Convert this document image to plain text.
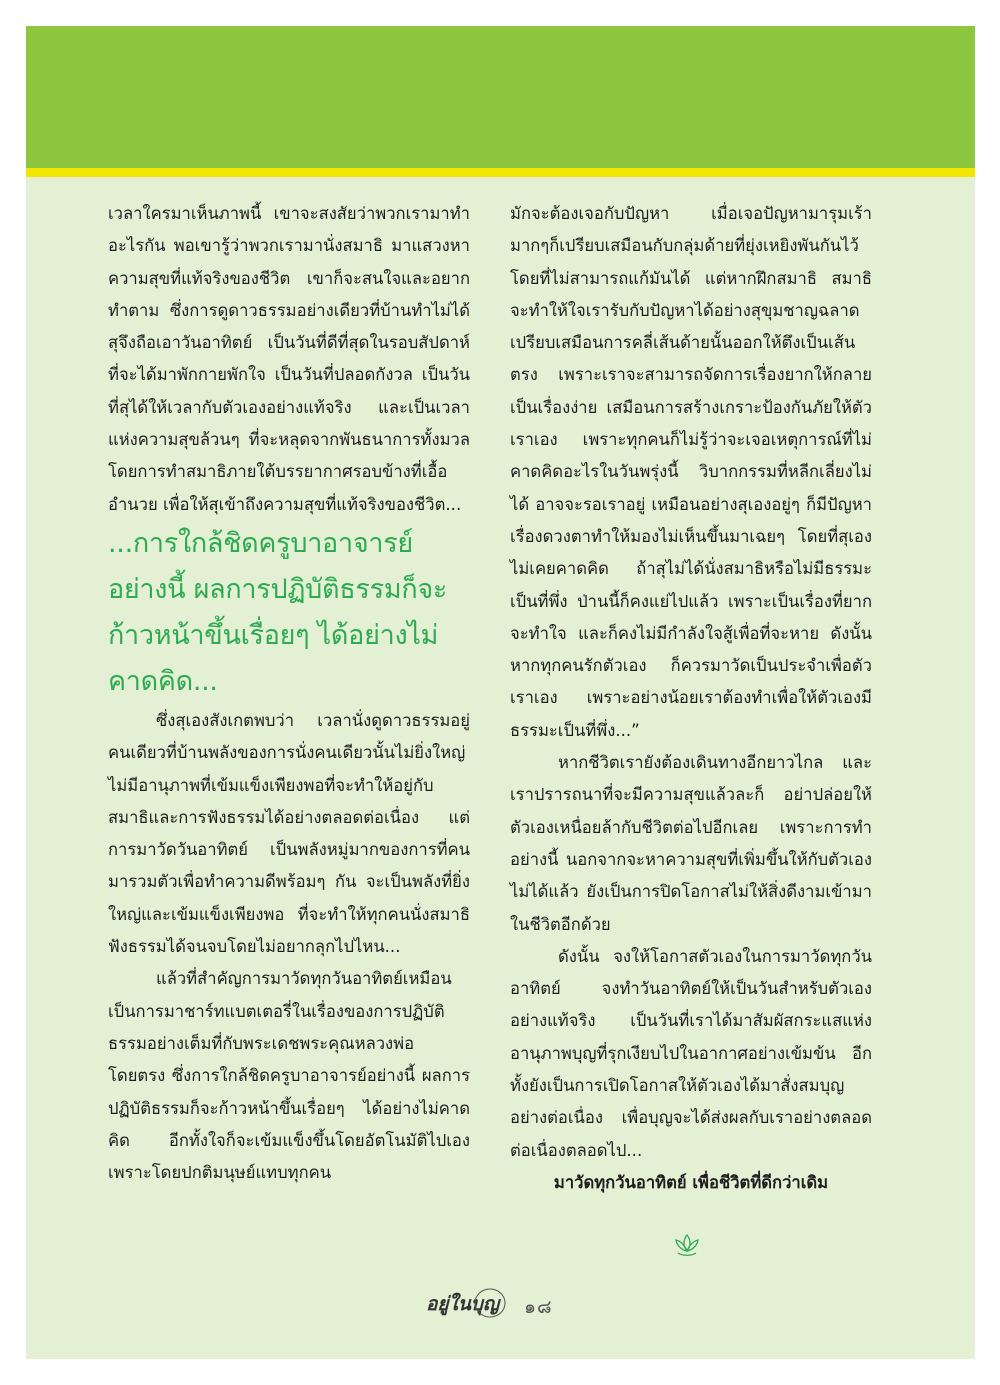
เวลาใครมาเห็นภาพนี้ เขาจะสงสัยว่าพวกเรามาทำอะไรกัน พอเขารู้ว่าพวกเรามานั่งสมาธิ มาแสวงหาความสุขที่แท้จริงของชีวิต เขาก็จะสนใจและอยากทำตาม ซึ่งการดูดาวธรรมอย่างเดียวที่บ้านทำไม่ได้ สุจึงถือเอาวันอาทิตย์ เป็นวันที่ดีที่สุดในรอบสัปดาห์ ที่จะได้มาพักกายพักใจ เป็นวันที่ปลอดกังวล เป็นวันที่สุได้ให้เวลากับตัวเองอย่างแท้จริง และเป็นเวลาแห่งความสุขล้วนๆ ที่จะหลุดจากพันธนาการทั้งมวล โดยการทำสมาธิภายใต้บรรยากาศรอบข้างที่เอื้ออำนวย เพื่อให้สุเข้าถึงความสุขที่แท้จริงของชีวิต...

...การใกล้ชิดครูบาอาจารย์อย่างนี้ ผลการปฏิบัติธรรมก็จะก้าวหน้าขึ้นเรื่อยๆ ได้อย่างไม่คาดคิด...

ซึ่งสุเองสังเกตพบว่า เวลานั่งดูดาวธรรมอยู่คนเดียวที่บ้านพลังของการนั่งคนเดียวนั้นไม่ยิ่งใหญ่ ไม่มีอานุภาพที่เข้มแข็งเพียงพอที่จะทำให้อยู่กับสมาธิและการฟังธรรมได้อย่างตลอดต่อเนื่อง แต่การมาวัดวันอาทิตย์ เป็นพลังหมู่มากของการที่คนมารวมตัวเพื่อทำความดีพร้อมๆ กัน จะเป็นพลังที่ยิ่งใหญ่และเข้มแข็งเพียงพอ ที่จะทำให้ทุกคนนั่งสมาธิ ฟังธรรมได้จนจบโดยไม่อยากลุกไปไหน...

แล้วที่สำคัญการมาวัดทุกวันอาทิตย์เหมือนเป็นการมาชาร์ทแบตเตอรี่ในเรื่องของการปฏิบัติธรรมอย่างเต็มที่กับพระเดชพระคุณหลวงพ่อโดยตรง ซึ่งการใกล้ชิดครูบาอาจารย์อย่างนี้ ผลการปฏิบัติธรรมก็จะก้าวหน้าขึ้นเรื่อยๆ ได้อย่างไม่คาดคิด อีกทั้งใจก็จะเข้มแข็งขึ้นโดยอัตโนมัติไปเอง เพราะโดยปกติมนุษย์แทบทุกคน

มักจะต้องเจอกับปัญหา เมื่อเจอปัญหามารุมเร้ามากๆก็เปรียบเสมือนกับกลุ่มด้ายที่ยุ่งเหยิงพันกันไว้ โดยที่ไม่สามารถแก้มันได้ แต่หากฝึกสมาธิ สมาธิจะทำให้ใจเรารับกับปัญหาได้อย่างสุขุมชาญฉลาด เปรียบเสมือนการคลี่เส้นด้ายนั้นออกให้ตึงเป็นเส้นตรง เพราะเราจะสามารถจัดการเรื่องยากให้กลายเป็นเรื่องง่าย เสมือนการสร้างเกราะป้องกันภัยให้ตัวเราเอง เพราะทุกคนก็ไม่รู้ว่าจะเจอเหตุการณ์ที่ไม่คาดคิดอะไรในวันพรุ่งนี้ วิบากกรรมที่หลีกเลี่ยงไม่ได้ อาจจะรอเราอยู่ เหมือนอย่างสุเองอยู่ๆ ก็มีปัญหาเรื่องดวงตาทำให้มองไม่เห็นขึ้นมาเฉยๆ โดยที่สุเองไม่เคยคาดคิด ถ้าสุไม่ได้นั่งสมาธิหรือไม่มีธรรมะเป็นที่พึ่ง ป่านนี้ก็คงแย่ไปแล้ว เพราะเป็นเรื่องที่ยากจะทำใจ และก็คงไม่มีกำลังใจสู้เพื่อที่จะหาย ดังนั้นหากทุกคนรักตัวเอง ก็ควรมาวัดเป็นประจำเพื่อตัวเราเอง เพราะอย่างน้อยเราต้องทำเพื่อให้ตัวเองมีธรรมะเป็นที่พึ่ง...”

หากชีวิตเรายังต้องเดินทางอีกยาวไกล และเราปรารถนาที่จะมีความสุขแล้วละก็ อย่าปล่อยให้ตัวเองเหนื่อยล้ากับชีวิตต่อไปอีกเลย เพราะการทำอย่างนี้ นอกจากจะหาความสุขที่เพิ่มขึ้นให้กับตัวเองไม่ได้แล้ว ยังเป็นการปิดโอกาสไม่ให้สิ่งดีงามเข้ามาในชีวิตอีกด้วย

ดังนั้น จงให้โอกาสตัวเองในการมาวัดทุกวันอาทิตย์ จงทำวันอาทิตย์ให้เป็นวันสำหรับตัวเองอย่างแท้จริง เป็นวันที่เราได้มาสัมผัสกระแสแห่งอานุภาพบุญที่รุกเงียบไปในอากาศอย่างเข้มข้น อีกทั้งยังเป็นการเปิดโอกาสให้ตัวเองได้มาสั่งสมบุญอย่างต่อเนื่อง เพื่อบุญจะได้ส่งผลกับเราอย่างตลอดต่อเนื่องตลอดไป...

มาวัดทุกวันอาทิตย์ เพื่อชีวิตที่ดีกว่าเดิม

อยู่ในบุญ ๑๘
